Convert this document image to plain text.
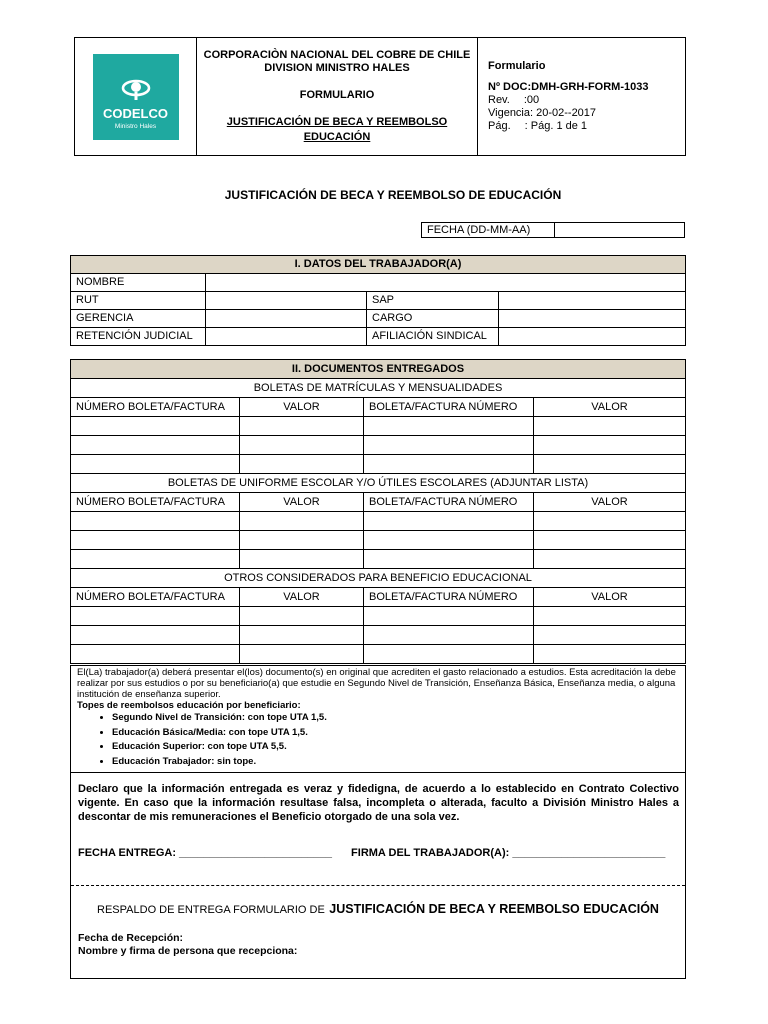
CODELCO
Ministro Hales

CORPORACIÒN NACIONAL DEL COBRE DE CHILE
DIVISION MINISTRO HALES
FORMULARIO
JUSTIFICACIÓN DE BECA Y REEMBOLSO
EDUCACIÓN

Formulario
Nº DOC:DMH-GRH-FORM-1033
Rev. :00
Vigencia: 20-02--2017
Pág. : Pág. 1 de 1
JUSTIFICACIÓN DE BECA Y REEMBOLSO DE EDUCACIÓN
FECHA (DD-MM-AA)	
I. DATOS DEL TRABAJADOR(A)			
NOMBRE			
RUT		SAP	
GERENCIA		CARGO	
RETENCIÓN JUDICIAL		AFILIACIÓN SINDICAL	
II. DOCUMENTOS ENTREGADOS			
BOLETAS DE MATRÍCULAS Y MENSUALIDADES			
NÚMERO BOLETA/FACTURA	VALOR	BOLETA/FACTURA NÚMERO	VALOR

BOLETAS DE UNIFORME ESCOLAR Y/O ÚTILES ESCOLARES (ADJUNTAR LISTA)			
NÚMERO BOLETA/FACTURA	VALOR	BOLETA/FACTURA NÚMERO	VALOR

OTROS CONSIDERADOS PARA BENEFICIO EDUCACIONAL			
NÚMERO BOLETA/FACTURA	VALOR	BOLETA/FACTURA NÚMERO	VALOR

El(La) trabajador(a) deberá presentar el(los) documento(s) en original que acrediten el gasto relacionado a estudios. Esta acreditación la debe realizar por sus estudios o por su beneficiario(a) que estudie en Segundo Nivel de Transición, Enseñanza Básica, Enseñanza media, o alguna institución de enseñanza superior.
Topes de reembolsos educación por beneficiario:
• Segundo Nivel de Transición: con tope UTA 1,5.
• Educación Básica/Media: con tope UTA 1,5.
• Educación Superior: con tope UTA 5,5.
• Educación Trabajador: sin tope.
Declaro que la información entregada es veraz y fidedigna, de acuerdo a lo establecido en Contrato Colectivo vigente. En caso que la información resultase falsa, incompleta o alterada, faculto a División Ministro Hales a descontar de mis remuneraciones el Beneficio otorgado de una sola vez.
FECHA ENTREGA: _________________________ FIRMA DEL TRABAJADOR(A): _________________________
RESPALDO DE ENTREGA FORMULARIO DE JUSTIFICACIÓN DE BECA Y REEMBOLSO EDUCACIÓN
Fecha de Recepción:
Nombre y firma de persona que recepciona:
